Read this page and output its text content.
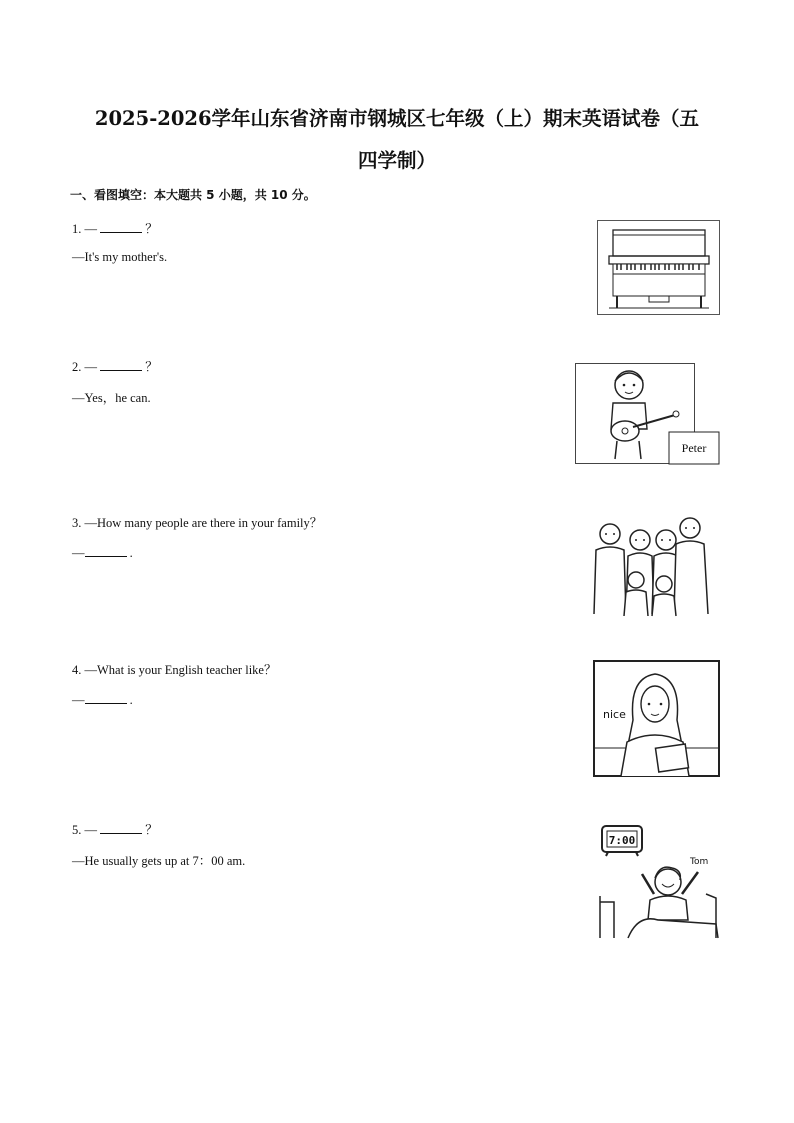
2025-2026学年山东省济南市钢城区七年级（上）期末英语试卷（五
四学制）
一、看图填空：本大题共 5 小题，共 10 分。
1. —	？
—It's my mother's.
2. —	？
—Yes，he can.
Peter
3. —How many people are there in your family？
—	.
4. —What is your English teacher like？
—	.
nice
5. —	？
—He usually gets up at 7：00 am.
7:00
Tom
